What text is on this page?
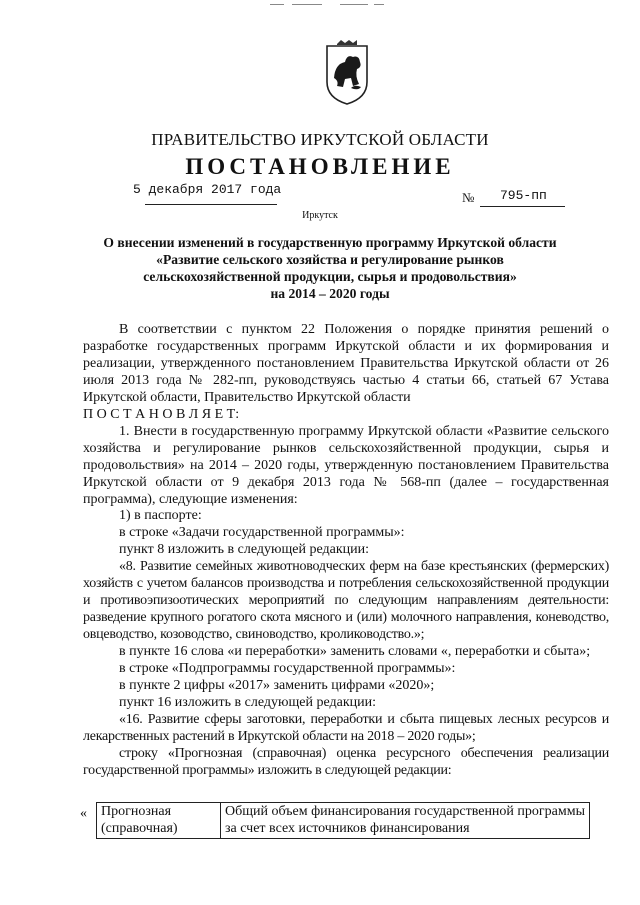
ПРАВИТЕЛЬСТВО ИРКУТСКОЙ ОБЛАСТИ
ПОСТАНОВЛЕНИЕ
5 декабря 2017 года
№ 795-пп
Иркутск
О внесении изменений в государственную программу Иркутской области
«Развитие сельского хозяйства и регулирование рынков
сельскохозяйственной продукции, сырья и продовольствия»
на 2014 – 2020 годы

В соответствии с пунктом 22 Положения о порядке принятия решений о разработке государственных программ Иркутской области и их формирования и реализации, утвержденного постановлением Правительства Иркутской области от 26 июля 2013 года № 282-пп, руководствуясь частью 4 статьи 66, статьей 67 Устава Иркутской области, Правительство Иркутской области

П О С Т А Н О В Л Я Е Т:

1. Внести в государственную программу Иркутской области «Развитие сельского хозяйства и регулирование рынков сельскохозяйственной продукции, сырья и продовольствия» на 2014 – 2020 годы, утвержденную постановлением Правительства Иркутской области от 9 декабря 2013 года № 568-пп (далее – государственная программа), следующие изменения:

1) в паспорте:

в строке «Задачи государственной программы»:

пункт 8 изложить в следующей редакции:

«8. Развитие семейных животноводческих ферм на базе крестьянских (фермерских) хозяйств с учетом балансов производства и потребления сельскохозяйственной продукции и противоэпизоотических мероприятий по следующим направлениям деятельности: разведение крупного рогатого скота мясного и (или) молочного направления, коневодство, овцеводство, козоводство, свиноводство, кролиководство.»;

в пункте 16 слова «и переработки» заменить словами «, переработки и сбыта»;

в строке «Подпрограммы государственной программы»:

в пункте 2 цифры «2017» заменить цифрами «2020»;

пункт 16 изложить в следующей редакции:

«16. Развитие сферы заготовки, переработки и сбыта пищевых лесных ресурсов и лекарственных растений в Иркутской области на 2018 – 2020 годы»;

строку «Прогнозная (справочная) оценка ресурсного обеспечения реализации государственной программы» изложить в следующей редакции:

« Прогнозная (справочная)	Общий объем финансирования государственной программы за счет всех источников финансирования
